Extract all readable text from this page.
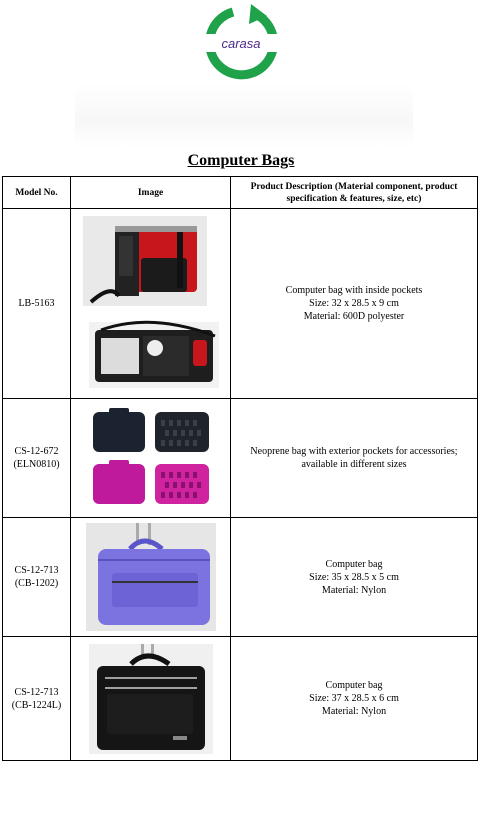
carasa
Computer Bags
Model No.	Image	Product Description (Material component, product specification & features, size, etc)

LB-5163		Computer bag with inside pockets
Size: 32 x 28.5 x 9 cm
Material: 600D polyester

CS-12-672
(ELN0810)		Neoprene bag with exterior pockets for accessories;
available in different sizes

CS-12-713
(CB-1202)		Computer bag
Size: 35 x 28.5 x 5 cm
Material: Nylon

CS-12-713
(CB-1224L)		Computer bag
Size: 37 x 28.5 x 6 cm
Material: Nylon
